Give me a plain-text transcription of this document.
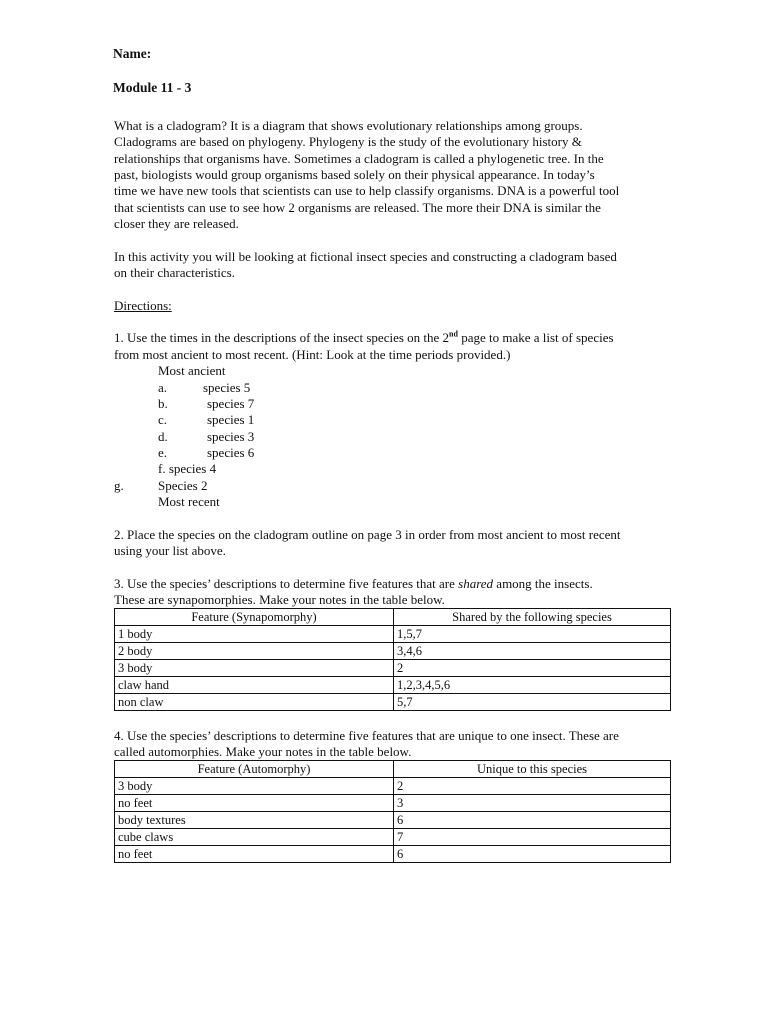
Name:
Module 11 - 3
What is a cladogram? It is a diagram that shows evolutionary relationships among groups.
Cladograms are based on phylogeny. Phylogeny is the study of the evolutionary history &
relationships that organisms have. Sometimes a cladogram is called a phylogenetic tree. In the
past, biologists would group organisms based solely on their physical appearance. In today’s
time we have new tools that scientists can use to help classify organisms. DNA is a powerful tool
that scientists can use to see how 2 organisms are released. The more their DNA is similar the
closer they are released.
In this activity you will be looking at fictional insect species and constructing a cladogram based
on their characteristics.
Directions:
1. Use the times in the descriptions of the insect species on the 2nd page to make a list of species
from most ancient to most recent. (Hint: Look at the time periods provided.)
Most ancient
a.	species 5
b.	species 7
c.	species 1
d.	species 3
e.	species 6
f. species 4
g.	Species 2
Most recent
2. Place the species on the cladogram outline on page 3 in order from most ancient to most recent
using your list above.
3. Use the species’ descriptions to determine five features that are shared among the insects.
These are synapomorphies. Make your notes in the table below.
Feature (Synapomorphy)	Shared by the following species
1 body	1,5,7
2 body	3,4,6
3 body	2
claw hand	1,2,3,4,5,6
non claw	5,7
4. Use the species’ descriptions to determine five features that are unique to one insect. These are
called automorphies. Make your notes in the table below.
Feature (Automorphy)	Unique to this species
3 body	2
no feet	3
body textures	6
cube claws	7
no feet	6
